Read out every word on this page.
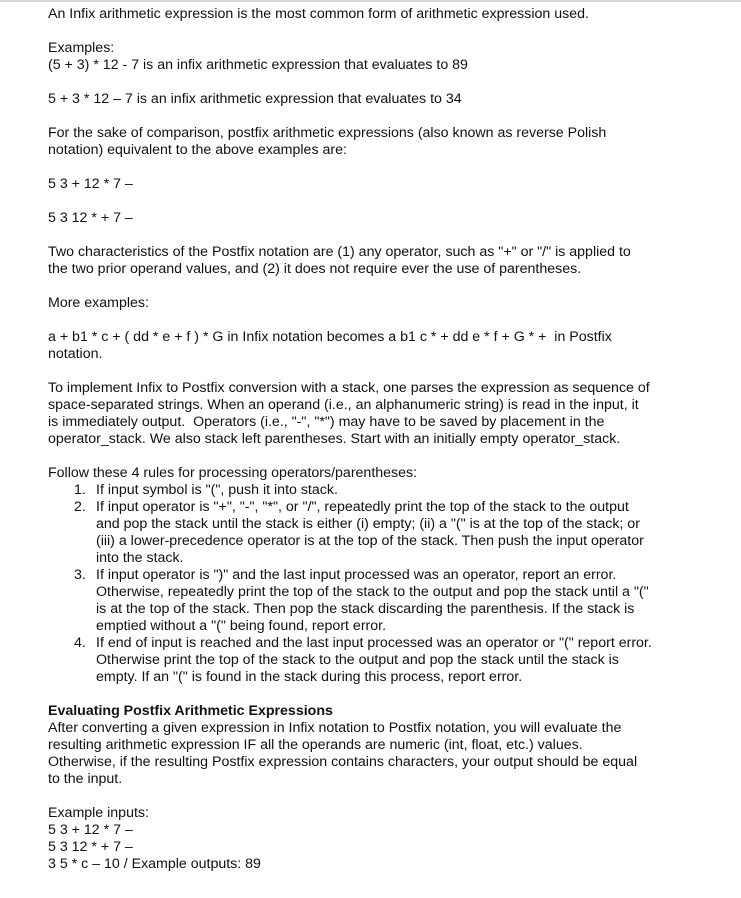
An Infix arithmetic expression is the most common form of arithmetic expression used.

Examples:

(5 + 3) * 12 - 7 is an infix arithmetic expression that evaluates to 89

5 + 3 * 12 – 7 is an infix arithmetic expression that evaluates to 34

For the sake of comparison, postfix arithmetic expressions (also known as reverse Polish

notation) equivalent to the above examples are:

5 3 + 12 * 7 –

5 3 12 * + 7 –

Two characteristics of the Postfix notation are (1) any operator, such as "+" or "/" is applied to

the two prior operand values, and (2) it does not require ever the use of parentheses.

More examples:

a + b1 * c + ( dd * e + f ) * G in Infix notation becomes a b1 c * + dd e * f + G * +  in Postfix

notation.

To implement Infix to Postfix conversion with a stack, one parses the expression as sequence of

space-separated strings. When an operand (i.e., an alphanumeric string) is read in the input, it

is immediately output.  Operators (i.e., "-", "*") may have to be saved by placement in the

operator_stack. We also stack left parentheses. Start with an initially empty operator_stack.

Follow these 4 rules for processing operators/parentheses:

1. If input symbol is "(", push it into stack.

2. If input operator is "+", "-", "*", or "/", repeatedly print the top of the stack to the output

and pop the stack until the stack is either (i) empty; (ii) a "(" is at the top of the stack; or

(iii) a lower-precedence operator is at the top of the stack. Then push the input operator

into the stack.

3. If input operator is ")" and the last input processed was an operator, report an error.

Otherwise, repeatedly print the top of the stack to the output and pop the stack until a "("

is at the top of the stack. Then pop the stack discarding the parenthesis. If the stack is

emptied without a "(" being found, report error.

4. If end of input is reached and the last input processed was an operator or "(" report error.

Otherwise print the top of the stack to the output and pop the stack until the stack is

empty. If an "(" is found in the stack during this process, report error.

Evaluating Postfix Arithmetic Expressions

After converting a given expression in Infix notation to Postfix notation, you will evaluate the

resulting arithmetic expression IF all the operands are numeric (int, float, etc.) values.

Otherwise, if the resulting Postfix expression contains characters, your output should be equal

to the input.

Example inputs:

5 3 + 12 * 7 –

5 3 12 * + 7 –

3 5 * c – 10 / Example outputs: 89
